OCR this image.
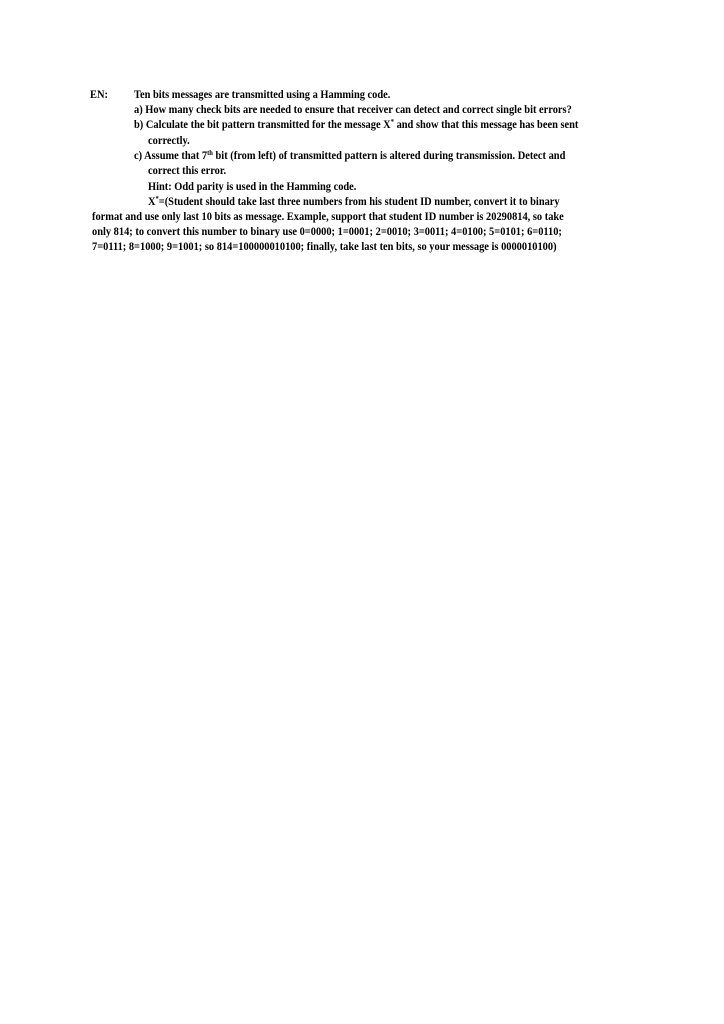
EN: Ten bits messages are transmitted using a Hamming code.
a) How many check bits are needed to ensure that receiver can detect and correct single bit errors?
b) Calculate the bit pattern transmitted for the message X* and show that this message has been sent
correctly.
c) Assume that 7th bit (from left) of transmitted pattern is altered during transmission. Detect and
correct this error.
Hint: Odd parity is used in the Hamming code.
X*=(Student should take last three numbers from his student ID number, convert it to binary
format and use only last 10 bits as message. Example, support that student ID number is 20290814, so take
only 814; to convert this number to binary use 0=0000; 1=0001; 2=0010; 3=0011; 4=0100; 5=0101; 6=0110;
7=0111; 8=1000; 9=1001; so 814=100000010100; finally, take last ten bits, so your message is 0000010100)
